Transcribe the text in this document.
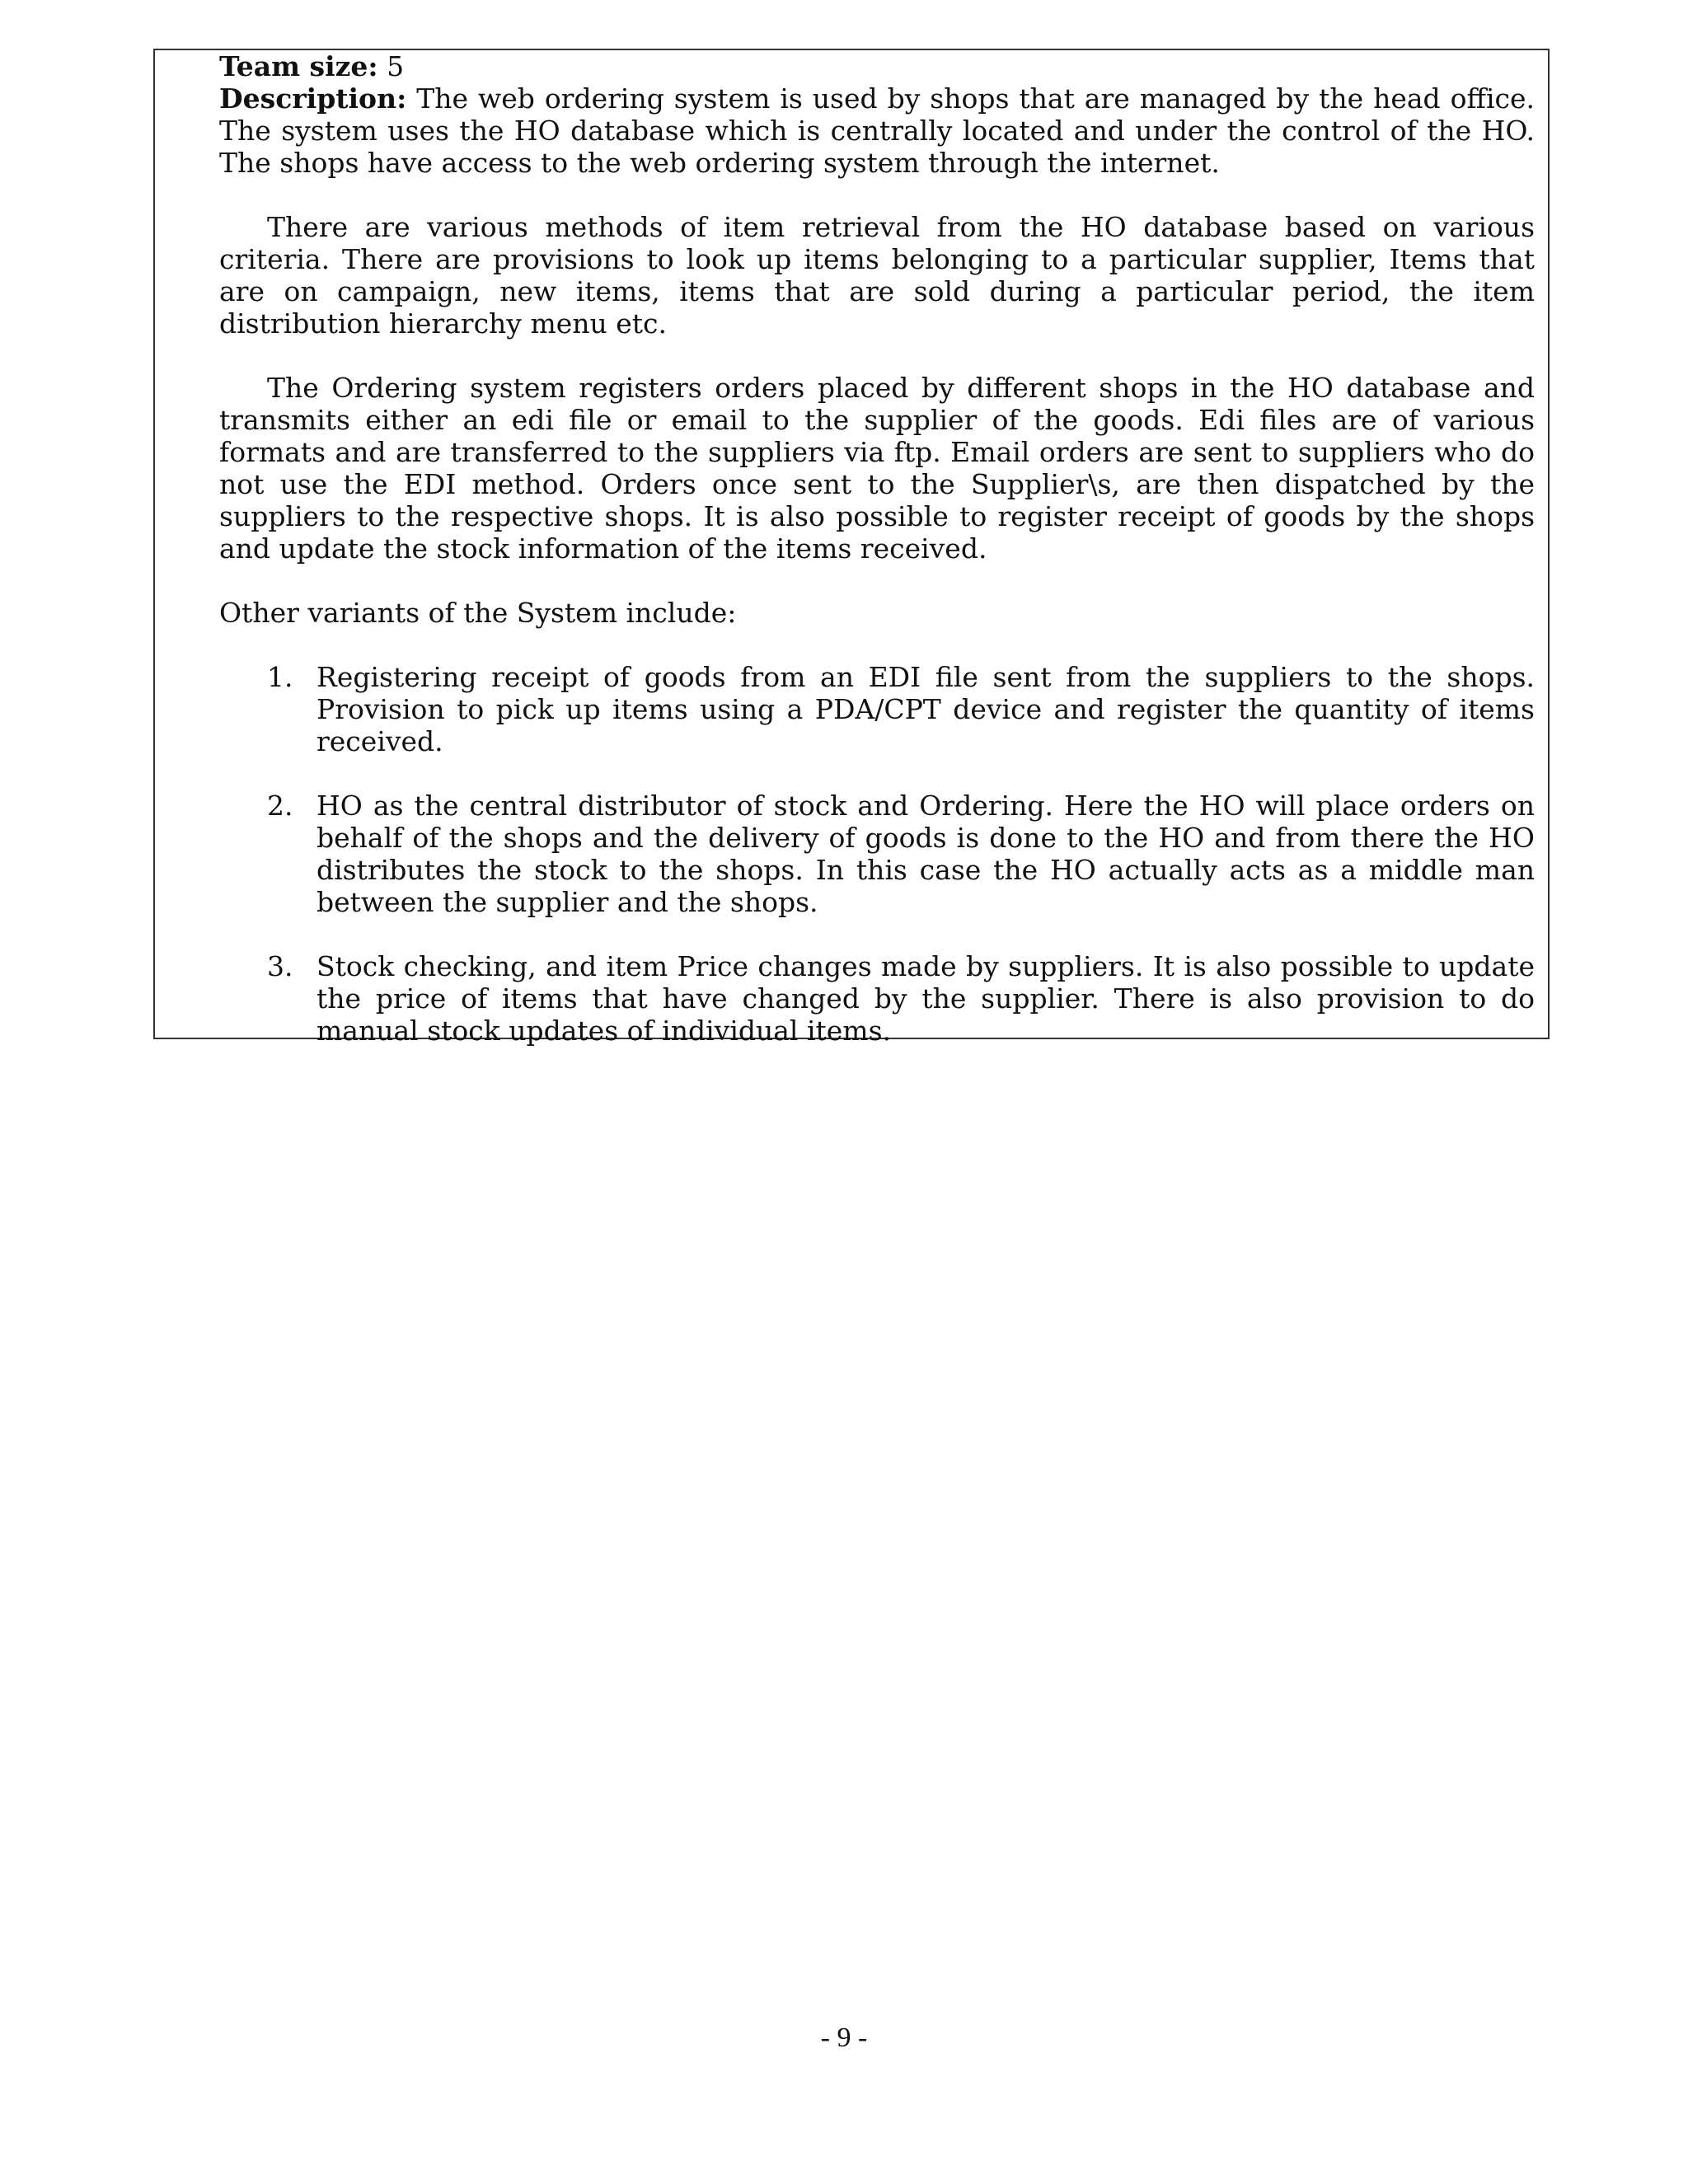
Team size: 5

Description: The web ordering system is used by shops that are managed by the head office. The system uses the HO database which is centrally located and under the control of the HO. The shops have access to the web ordering system through the internet.

There are various methods of item retrieval from the HO database based on various criteria. There are provisions to look up items belonging to a particular supplier, Items that are on campaign, new items, items that are sold during a particular period, the item distribution hierarchy menu etc.

The Ordering system registers orders placed by different shops in the HO database and transmits either an edi file or email to the supplier of the goods. Edi files are of various formats and are transferred to the suppliers via ftp. Email orders are sent to suppliers who do not use the EDI method. Orders once sent to the Supplier\s, are then dispatched by the suppliers to the respective shops. It is also possible to register receipt of goods by the shops and update the stock information of the items received.

Other variants of the System include:

1. Registering receipt of goods from an EDI file sent from the suppliers to the shops. Provision to pick up items using a PDA/CPT device and register the quantity of items received.
2. HO as the central distributor of stock and Ordering. Here the HO will place orders on behalf of the shops and the delivery of goods is done to the HO and from there the HO distributes the stock to the shops. In this case the HO actually acts as a middle man between the supplier and the shops.
3. Stock checking, and item Price changes made by suppliers. It is also possible to update the price of items that have changed by the supplier. There is also provision to do manual stock updates of individual items.
- 9 -
